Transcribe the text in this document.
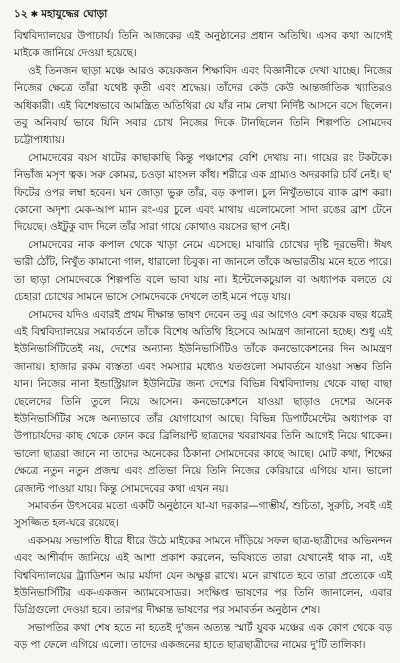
১২ ✱ মহাযুদ্ধের ঘোড়া

বিশ্ববিদ্যালয়ের উপাচার্য। তিনি আজকের এই অনুষ্ঠানের প্রধান অতিথি। এসব কথা আগেই মাইকে জানিয়ে দেওয়া হয়েছে।

ওই তিনজন ছাড়া মঞ্চে আরও কয়েকজন শিক্ষাবিদ এবং বিজ্ঞানীকে দেখা যাচ্ছে। নিজের নিজের ক্ষেত্রে তাঁরা যথেষ্ট কৃতী এবং শ্রদ্ধেয়। তাঁদের কেউ কেউ আন্তর্জাতিক খ্যাতিরও অধিকারী। এই বিশেষভাবে আমন্ত্রিত অতিথিরা যে যাঁর নাম লেখা নির্দিষ্ট আসনে বসে ছিলেন। তবু অনিবার্য ভাবে যিনি সবার চোখ নিজের দিকে টানছিলেন তিনি শিল্পপতি সোমদেব চট্টোপাধ্যায়।

সোমদেবের বয়স ষাটের কাছাকাছি কিন্তু পঞ্চাশের বেশি দেখায় না। গায়ের রং টকটকে। নিভাঁজ মসৃণ ত্বক। সরু কোমর, চওড়া মাংসল কাঁধ। শরীরে এক গ্রাম্যও অদরকারি চর্বি নেই। ছ' ফিটের ওপর লম্বা হবেন। ঘন জোড়া ভুরু তাঁর, বড় কপাল। চুল নিখুঁতভাবে ব্যাক ব্রাশ করা। কোনো অদৃশ্য মেক-আপ ম্যান রং-এর চুলে এবং মাথায় এলোমেলো সাদা রঙের ব্রাশ টেনে দিয়েছে। ওইটুকু বাদ দিলে তাঁর সারা গায়ে কোথাও বয়সের ছাপ নেই।

সোমদেবের নাক কপাল থেকে খাড়া নেমে এসেছে। মাঝারি চোখের দৃষ্টি দূরভেদী। ঈষৎ ভারী ঠোঁট, নিখুঁত কামানো গাল, ধারালো চিবুক। না জানলে তাঁকে অভারতীয় মনে হতে পারে। তা ছাড়া সোমদেবকে শিল্পপতি বলে ভাবা যায় না। ইন্টেলেকচুয়াল বা অধ্যাপক বলতে যে চেহারা চোখের সামনে ভাসে সোমদেবকে দেখলে তাই মনে পড়ে যায়।

সোমদেব যদিও এবারই প্রথম দীক্ষান্ত ভাষণ দেবেন তবু এর আগেও বেশ কয়েক বছর ধরেই এই বিশ্ববিদ্যালয়ের সমাবর্তনে তাঁকে বিশেষ অতিথি হিসেবে আমন্ত্রণ জানানো হচ্ছে। শুধু এই ইউনিভার্সিটিতেই নয়, দেশের অন্যান্য ইউনিভার্সিটিও তাঁকে কনভোকেশনের দিন আমন্ত্রণ জানায়। হাজার রকম ব্যস্ততা এবং সমস্যার মধ্যেও যতগুলো সমাবর্তনে যাওয়া সম্ভব তিনি যান। নিজের নানা ইন্ডাস্ট্রিয়াল ইউনিটের জন্য দেশের বিভিন্ন বিশ্ববিদ্যালয় থেকে বাছা বাছা ছেলেদের তিনি তুলে নিয়ে আসেন। কনভোকেশনে যাওয়া ছাড়াও দেশের অনেক ইউনিভার্সিটির সঙ্গে অন্যভাবে তাঁর যোগাযোগ আছে। বিভিন্ন ডিপার্টমেন্টের অধ্যাপক বা উপাচার্যদের কাছ থেকে ফোন করে ব্রিলিয়ান্ট ছাত্রদের খবরাখবর তিনি আগেই নিয়ে থাকেন। ভালো ছাত্ররা জানে না তাদের অনেকের ঠিকানা সোমদেবের কাছে আছে। মোট কথা, শিক্ষের ক্ষেত্রে নতুন নতুন প্রজন্ম এবং প্রতিভা নিয়ে তিনি নিজের কেরিয়ারে এগিয়ে যান। ভালো রেজাল্ট পাওয়া যায়। কিন্তু সোমদেবের কথা এখন নয়।

সমাবর্তন উৎসবের মতো একটি অনুষ্ঠানে যা-যা দরকার—গাম্ভীর্য, শুচিতা, সুরুচি, সবই এই সুসজ্জিত হল-ঘরে রয়েছে।

একসময় সভাপতি ধীরে ধীরে উঠে মাইকের সামনে দাঁড়িয়ে সফল ছাত্র-ছাত্রীদের অভিনন্দন এবং আশীর্বাদ জানিয়ে এই আশা প্রকাশ করলেন, ভবিষ্যতে তারা যেখানেই থাক না, এই বিশ্ববিদ্যালয়ের ট্র্যাডিশন আর মর্যাদা যেন অক্ষুণ্ণ রাখে। মনে রাখাতে হবে তারা প্রত্যেকে এই ইউনিভার্সিটির এক-একজন অ্যামবেসাডর। সংক্ষিপ্ত ভাষণের পর তিনি জানালেন, এবার ডিগ্রিগুলো দেওয়া হবে। তারপর দীক্ষান্ত ভাষণের পর সমাবর্তন অনুষ্ঠান শেষ।

সভাপতির কথা শেষ হতে না হতেই দু'জন অত্যন্ত স্মার্ট যুবক মঞ্চের এক কোণ থেকে বড় বড় পা ফেলে এগিয়ে এলো। তাদের একজনের হাতে ছাত্রছাত্রীদের নামের দু'টি তালিকা।
